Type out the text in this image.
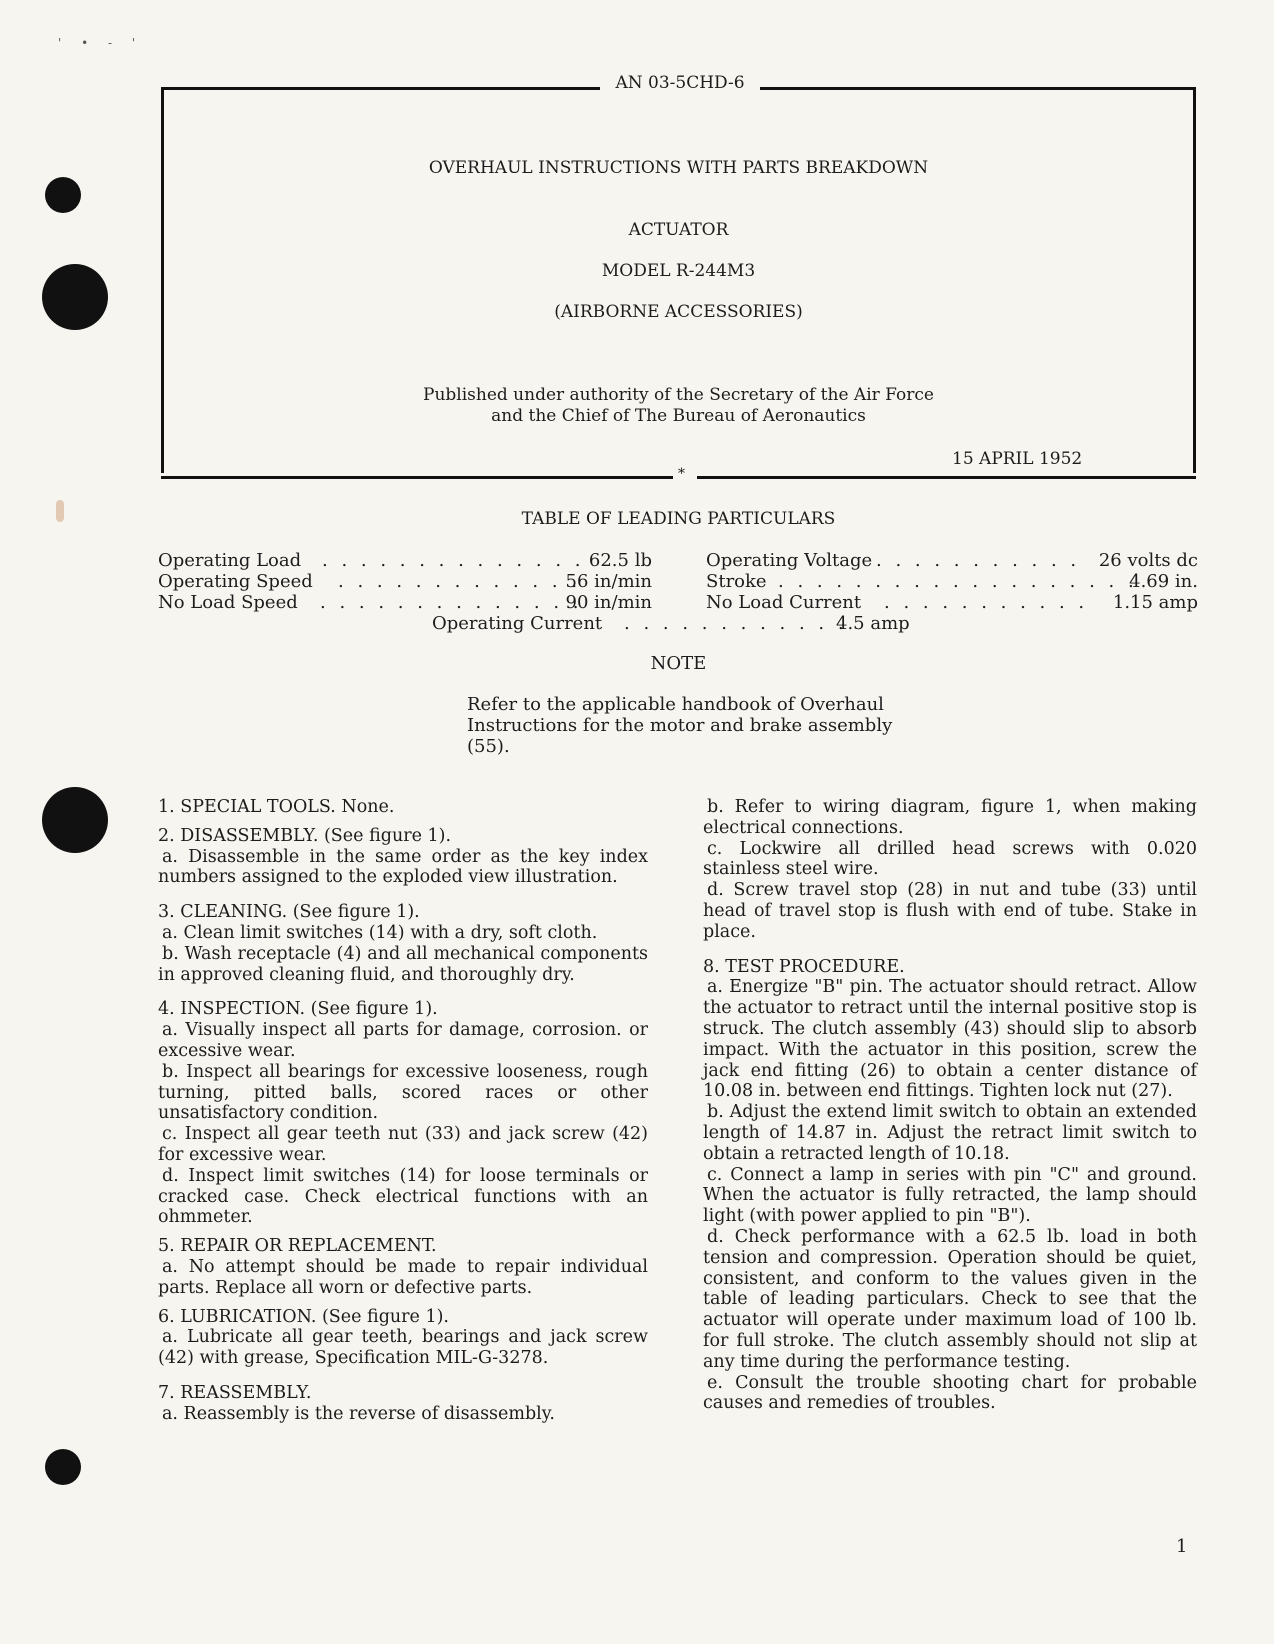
' • - '
*
AN 03-5CHD-6
OVERHAUL INSTRUCTIONS WITH PARTS BREAKDOWN
ACTUATOR
MODEL R-244M3
(AIRBORNE ACCESSORIES)
Published under authority of the Secretary of the Air Force
and the Chief of The Bureau of Aeronautics
15 APRIL 1952
TABLE OF LEADING PARTICULARS
Operating Load . . . . . . . . . . . . . . 62.5 lb
Operating Speed . . . . . . . . . . . . .
56 in/min
No Load Speed . . . . . . . . . . . . . .
90 in/min
Operating Voltage . . . . . . . . . . .	26 volts dc
Stroke . . . . . . . . . . . . . . . . . . .
4.69 in.
No Load Current . . . . . . . . . . .	1.15 amp
Operating Current . . . . . . . . . . . .
4.5 amp
NOTE
Refer to the applicable handbook of Overhaul
Instructions for the motor and brake assembly
(55).

1. SPECIAL TOOLS. None.

2. DISASSEMBLY. (See figure 1).

a. Disassemble in the same order as the key index numbers assigned to the exploded view illustration.

3. CLEANING. (See figure 1).

a. Clean limit switches (14) with a dry, soft cloth.

b. Wash receptacle (4) and all mechanical components in approved cleaning fluid, and thoroughly dry.

4. INSPECTION. (See figure 1).

a. Visually inspect all parts for damage, corrosion. or excessive wear.

b. Inspect all bearings for excessive looseness, rough turning, pitted balls, scored races or other unsatisfactory condition.

c. Inspect all gear teeth nut (33) and jack screw (42) for excessive wear.

d. Inspect limit switches (14) for loose terminals or cracked case. Check electrical functions with an ohmmeter.

5. REPAIR OR REPLACEMENT.

a. No attempt should be made to repair individual parts. Replace all worn or defective parts.

6. LUBRICATION. (See figure 1).

a. Lubricate all gear teeth, bearings and jack screw (42) with grease, Specification MIL-G-3278.

7. REASSEMBLY.

a. Reassembly is the reverse of disassembly.

b. Refer to wiring diagram, figure 1, when making electrical connections.

c. Lockwire all drilled head screws with 0.020 stainless steel wire.

d. Screw travel stop (28) in nut and tube (33) until head of travel stop is flush with end of tube. Stake in place.

8. TEST PROCEDURE.

a. Energize "B" pin. The actuator should retract. Allow the actuator to retract until the internal positive stop is struck. The clutch assembly (43) should slip to absorb impact. With the actuator in this position, screw the jack end fitting (26) to obtain a center distance of 10.08 in. between end fittings. Tighten lock nut (27).

b. Adjust the extend limit switch to obtain an extended length of 14.87 in. Adjust the retract limit switch to obtain a retracted length of 10.18.

c. Connect a lamp in series with pin "C" and ground. When the actuator is fully retracted, the lamp should light (with power applied to pin "B").

d. Check performance with a 62.5 lb. load in both tension and compression. Operation should be quiet, consistent, and conform to the values given in the table of leading particulars. Check to see that the actuator will operate under maximum load of 100 lb. for full stroke. The clutch assembly should not slip at any time during the performance testing.

e. Consult the trouble shooting chart for probable causes and remedies of troubles.

1
